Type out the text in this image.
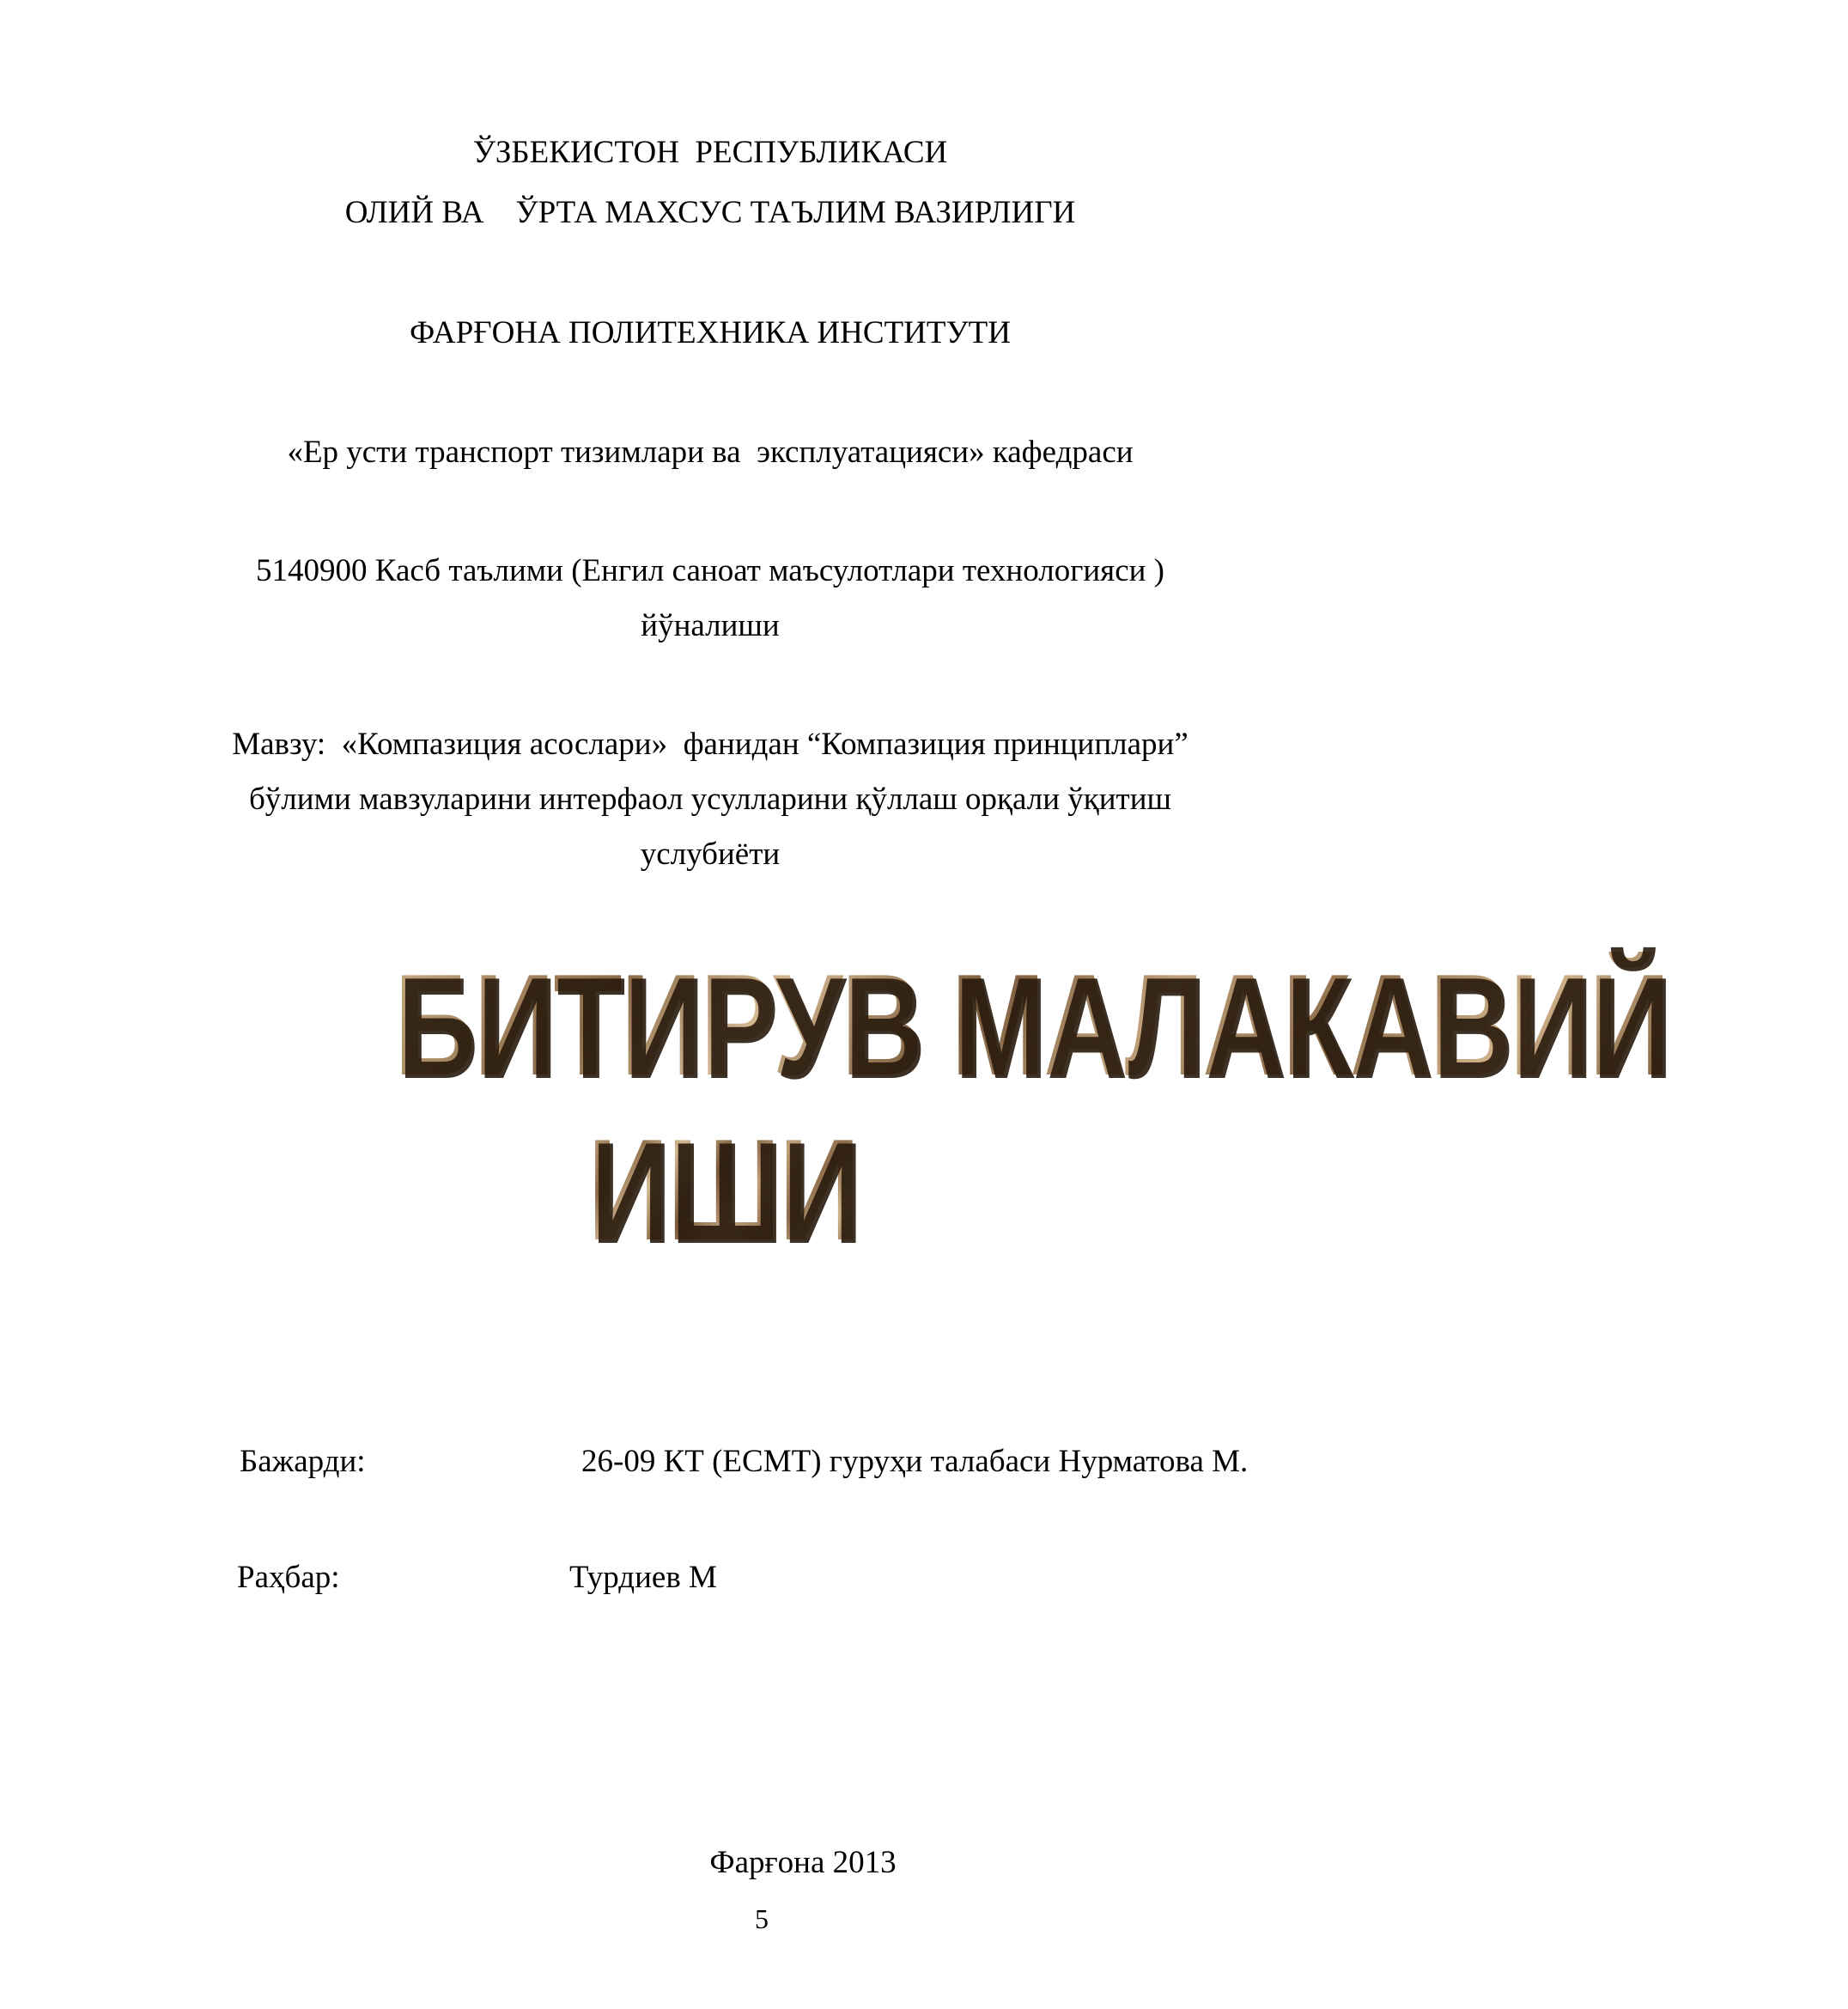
ЎЗБЕКИСТОН  РЕСПУБЛИКАСИ
ОЛИЙ ВА    ЎРТА МАХСУС ТАЪЛИМ ВАЗИРЛИГИ
ФАРҒОНА ПОЛИТЕХНИКА ИНСТИТУТИ
«Ер усти транспорт тизимлари ва  эксплуатацияси» кафедраси
5140900 Касб таълими (Енгил саноат маъсулотлари технологияси )
йўналиши
Мавзу:  «Компазиция асослари»  фанидан “Компазиция принциплари”
бўлими мавзуларини интерфаол усулларини қўллаш орқали ўқитиш
услубиёти
БИТИРУВ МАЛАКАВИЙ
ИШИ
Бажарди:	26-09 КТ (ЕСМТ) гуруҳи талабаси Нурматова М.
Раҳбар:	Турдиев М
Фарғона 2013
5
